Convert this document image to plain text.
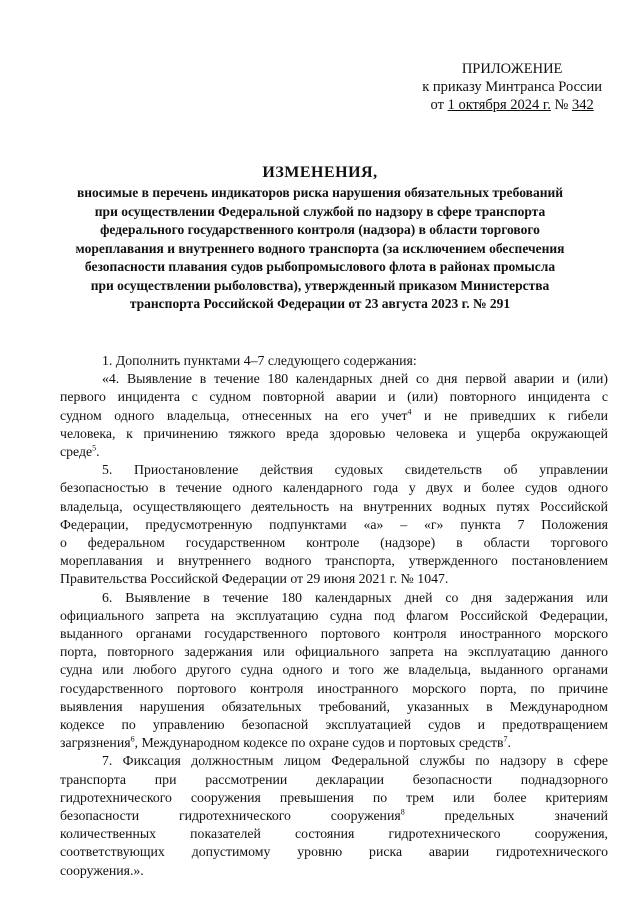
ПРИЛОЖЕНИЕ
к приказу Минтранса России
от 1 октября 2024 г. № 342

ИЗМЕНЕНИЯ,

вносимые в перечень индикаторов риска нарушения обязательных требований

при осуществлении Федеральной службой по надзору в сфере транспорта

федерального государственного контроля (надзора) в области торгового

мореплавания и внутреннего водного транспорта (за исключением обеспечения

безопасности плавания судов рыбопромыслового флота в районах промысла

при осуществлении рыболовства), утвержденный приказом Министерства

транспорта Российской Федерации от 23 августа 2023 г. № 291

1. Дополнить пунктами 4–7 следующего содержания:
«4. Выявление в течение 180 календарных дней со дня первой аварии и (или)
первого инцидента с судном повторной аварии и (или) повторного инцидента с
судном одного владельца, отнесенных на его учет$^4$ и не приведших к гибели
человека, к причинению тяжкого вреда здоровью человека и ущерба окружающей
среде$^5$.
5. Приостановление действия судовых свидетельств об управлении
безопасностью в течение одного календарного года у двух и более судов одного
владельца, осуществляющего деятельность на внутренних водных путях Российской
Федерации, предусмотренную подпунктами «а» – «г» пункта 7 Положения
о федеральном государственном контроле (надзоре) в области торгового
мореплавания и внутреннего водного транспорта, утвержденного постановлением
Правительства Российской Федерации от 29 июня 2021 г. № 1047.
6. Выявление в течение 180 календарных дней со дня задержания или
официального запрета на эксплуатацию судна под флагом Российской Федерации,
выданного органами государственного портового контроля иностранного морского
порта, повторного задержания или официального запрета на эксплуатацию данного
судна или любого другого судна одного и того же владельца, выданного органами
государственного портового контроля иностранного морского порта, по причине
выявления нарушения обязательных требований, указанных в Международном
кодексе по управлению безопасной эксплуатацией судов и предотвращением
загрязнения$^6$, Международном кодексе по охране судов и портовых средств$^7$.
7. Фиксация должностным лицом Федеральной службы по надзору в сфере
транспорта при рассмотрении декларации безопасности поднадзорного
гидротехнического сооружения превышения по трем или более критериям
безопасности гидротехнического сооружения$^8$ предельных значений
количественных показателей состояния гидротехнического сооружения,
соответствующих допустимому уровню риска аварии гидротехнического
сооружения.».
